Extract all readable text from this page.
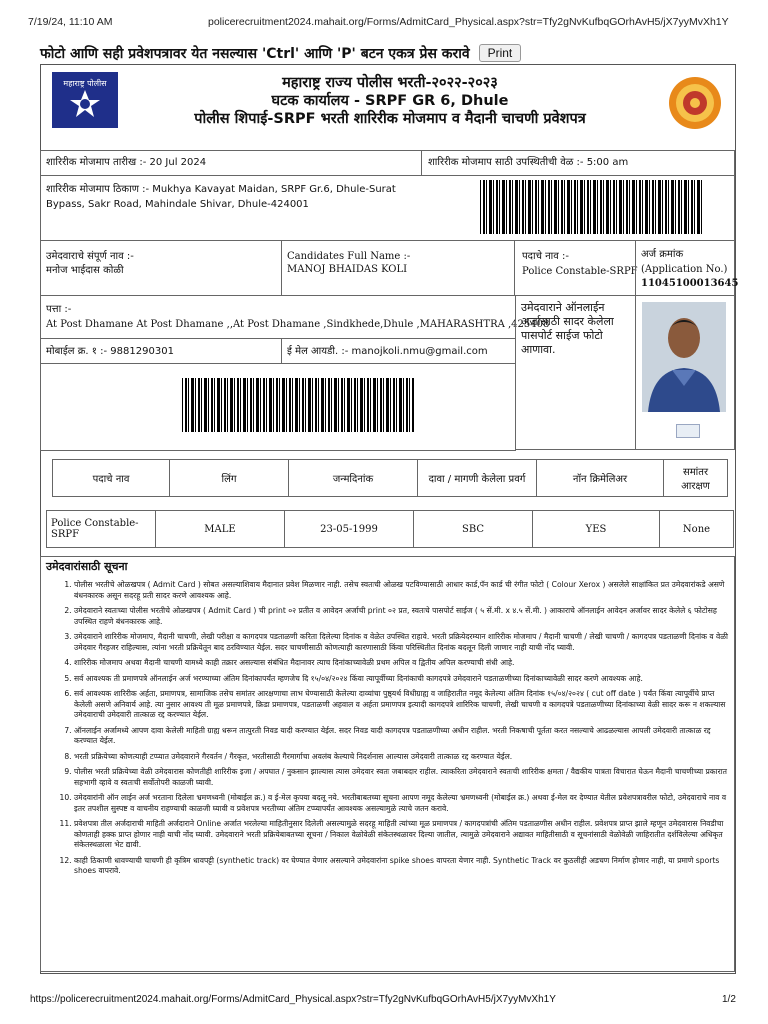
7/19/24, 11:10 AM	policerecruitment2024.mahait.org/Forms/AdmitCard_Physical.aspx?str=Tfy2gNvKufbqGOrhAvH5/jX7yyMvXh1Y
फोटो आणि सही प्रवेशपत्रावर येत नसल्यास 'Ctrl' आणि 'P' बटन एकत्र प्रेस करावे Print
महाराष्ट्र पोलीस	महाराष्ट्र राज्य पोलीस भरती-२०२२-२०२३
घटक कार्यालय - SRPF GR 6, Dhule
पोलीस शिपाई-SRPF भरती शारिरीक मोजमाप व मैदानी चाचणी प्रवेशपत्र
शारिरीक मोजमाप तारीख :- 20 Jul 2024	शारिरीक मोजमाप साठी उपस्थितीची वेळ :- 5:00 am
शारिरीक मोजमाप ठिकाण :- Mukhya Kavayat Maidan, SRPF Gr.6, Dhule-Surat Bypass, Sakr Road, Mahindale Shivar, Dhule-424001
उमेदवाराचे संपूर्ण नाव :-
मनोज भाईदास कोळी
Candidates Full Name :-
MANOJ BHAIDAS KOLI
पदाचे नाव :-
Police Constable-SRPF
अर्ज क्रमांक
(Application No.)
11045100013645
पत्ता :-
At Post Dhamane At Post Dhamane ,,At Post Dhamane ,Sindkhede,Dhule ,MAHARASHTRA ,425408
उमेदवाराने ऑनलाईन अर्जासाठी सादर केलेला पासपोर्ट साईज फोटो आणावा.
मोबाईल क्र. १ :- 9881290301	ई मेल आयडी. :- manojkoli.nmu@gmail.com
पदाचे नाव	लिंग	जन्मदिनांक	दावा / मागणी केलेला प्रवर्ग	नॉन क्रिमेलिअर	समांतर आरक्षण
Police Constable-SRPF	MALE	23-05-1999	SBC	YES	None
उमेदवारांसाठी सूचना
1. पोलीस भरतीचे ओळखपत्र ( Admit Card ) सोबत असल्याशिवाय मैदानात प्रवेश मिळणार नाही. तसेच स्वतःची ओळख पटविण्यासाठी आधार कार्ड,पॅन कार्ड ची रंगीत फोटो ( Colour Xerox ) असलेले साक्षांकित प्रत उमेदवारांकडे असणे बंधनकारक असून सदरहू प्रती सादर करणे आवश्यक आहे.
2. उमेदवाराने स्वतःच्या पोलीस भरतीचे ओळखपत्र ( Admit Card ) ची print ०२ प्रतीत व आवेदन अर्जाची print ०२ प्रत, स्वतःचे पासपोर्ट साईज ( ५ सें.मी. x ४.५ सें.मी. ) आकाराचे ऑनलाईन आवेदन अर्जावर सादर केलेले ६ फोटोसह उपस्थित राहणे बंधनकारक आहे.
3. उमेदवाराने शारिरीक मोजमाप, मैदानी चाचणी, लेखी परीक्षा व कागदपत्र पडताळणी करिता दिलेल्या दिनांक व वेळेत उपस्थित राहावे. भरती प्रक्रियेदरम्यान शारिरीक मोजमाप / मैदानी चाचणी / लेखी चाचणी / कागदपत्र पडताळणी दिनांक व वेळी उमेदवार गैरहजर राहिल्यास, त्यांना भरती प्रक्रियेतून बाद ठरविण्यात येईल. सदर चाचणीसाठी कोणत्याही कारणासाठी किंवा परिस्थितीत दिनांक बदलून दिली जाणार नाही याची नोंद घ्यावी.
4. शारिरीक मोजमाप अथवा मैदानी चाचणी यामध्ये काही तक्रार असल्यास संबंधित मैदानावर त्याच दिनांकाच्यावेळी प्रथम अपिल व द्वितीय अपिल करण्याची संधी आहे.
5. सर्व आवश्यक ती प्रमाणपत्रे ऑनलाईन अर्ज भरण्याच्या अंतिम दिनांकापर्यंत म्हणजेच दि १५/०४/२०२४ किंवा त्यापूर्वीच्या दिनांकाची कागदपत्रे उमेदवाराने पडताळणीच्या दिनांकाच्यावेळी सादर करणे आवश्यक आहे.
6. सर्व आवश्यक शारिरीक अर्हता, प्रमाणपत्र, सामाजिक तसेच समांतर आरक्षणाचा लाभ घेण्यासाठी केलेल्या दाव्यांचा पुष्ठ्यर्थ विधीग्राह्य व जाहिरातीत नमूद केलेल्या अंतिम दिनांक १५/०४/२०२४ ( cut off date ) पर्यंत किंवा त्यापूर्वीचे प्राप्त केलेली असणे अनिवार्य आहे. त्या नुसार आवश्य ती मूळ प्रमाणपत्रे, क्रिडा प्रमाणपत्र, पडताळणी अहवाल व अर्हता प्रमाणपत्र इत्यादी कागदपत्रे शारिरिक चाचणी, लेखी चाचणी व कागदपत्रे पडताळणीच्या दिनांकाच्या वेळी सादर करू न शकल्यास उमेदवाराची उमेदवारी तात्काळ रद्द करण्यात येईल.
7. ऑनलाईन अर्जामध्ये आपण दावा केलेली माहिती ग्राह्य धरून तात्पुरती निवड यादी करण्यात येईल. सदर निवड यादी कागदपत्र पडताळणीच्या अधीन राहील. भरती निकषाची पूर्तता करत नसल्याचे आढळल्यास आपली उमेदवारी तात्काळ रद्द करण्यात येईल.
8. भरती प्रक्रियेच्या कोणत्याही टप्प्यात उमेदवाराने गैरवर्तन / गैरकृत, भरतीसाठी गैरमार्गाचा अवलंब केल्याचे निदर्शनास आल्यास उमेदवारी तात्काळ रद्द करण्यात येईल.
9. पोलीस भरती प्रक्रियेच्या वेळी उमेदवारास कोणतीही शारिरीक इजा / अपघात / नुकसान झाल्यास त्यास उमेदवार स्वतः जबाबदार राहील. त्याकरिता उमेदवाराने स्वतःची शारिरीक क्षमता / वैद्यकीय पात्रता विचारात घेऊन मैदानी चाचणीच्या प्रकारात सहभागी व्हावे व स्वतःची सर्वोतोपरी काळजी घ्यावी.
10. उमेदवारांनी ऑन लाईन अर्ज भरताना दिलेला भ्रमणध्वनी (मोबाईल क्र.) व ई-मेल कृपया बदलू नये. भरतीबाबतच्या सूचना आपण नमूद केलेल्या भ्रमणध्वनी (मोबाईल क्र.) अथवा ई-मेल वर देण्यात येतील प्रवेशपत्रावरील फोटो, उमेदवाराचे नाव व इतर तपशील सुस्पष्ट व वाचनीय राहण्याची काळजी घ्यावी व प्रवेशपत्र भरतीच्या अंतिम टप्प्यापर्यंत आवश्यक असल्यामुळे त्याचे जतन करावे.
11. प्रवेशपत्रा तील अर्जदाराची माहिती अर्जदाराने Online अर्जात भरलेल्या माहितीनुसार दिलेली असल्यामुळे सदरहू माहिती त्यांच्या मूळ प्रमाणपत्र / कागदपत्रांची अंतिम पडताळणीस अधीन राहील. प्रवेशपत्र प्राप्त झाले म्हणून उमेदवारास निवडीचा कोणताही हक्क प्राप्त होणार नाही याची नोंद घ्यावी. उमेदवाराने भरती प्रक्रियेबाबतच्या सूचना / निकाल वेळोवेळी संकेतस्थळावर दिल्या जातील, त्यामुळे उमेदवाराने अद्यावत माहितीसाठी व सूचनांसाठी वेळोवेळी जाहिरातीत दर्शविलेल्या अधिकृत संकेतस्थळाला भेट द्यावी.
12. काही ठिकाणी धावण्याची चाचणी ही कृत्रिम धावपट्टी (synthetic track) वर घेण्यात येणार असल्याने उमेदवारांना spike shoes वापरता येणार नाही. Synthetic Track वर कुठलीही अडचण निर्माण होणार नाही, या प्रमाणे sports shoes वापरावे.
https://policerecruitment2024.mahait.org/Forms/AdmitCard_Physical.aspx?str=Tfy2gNvKufbqGOrhAvH5/jX7yyMvXh1Y	1/2
